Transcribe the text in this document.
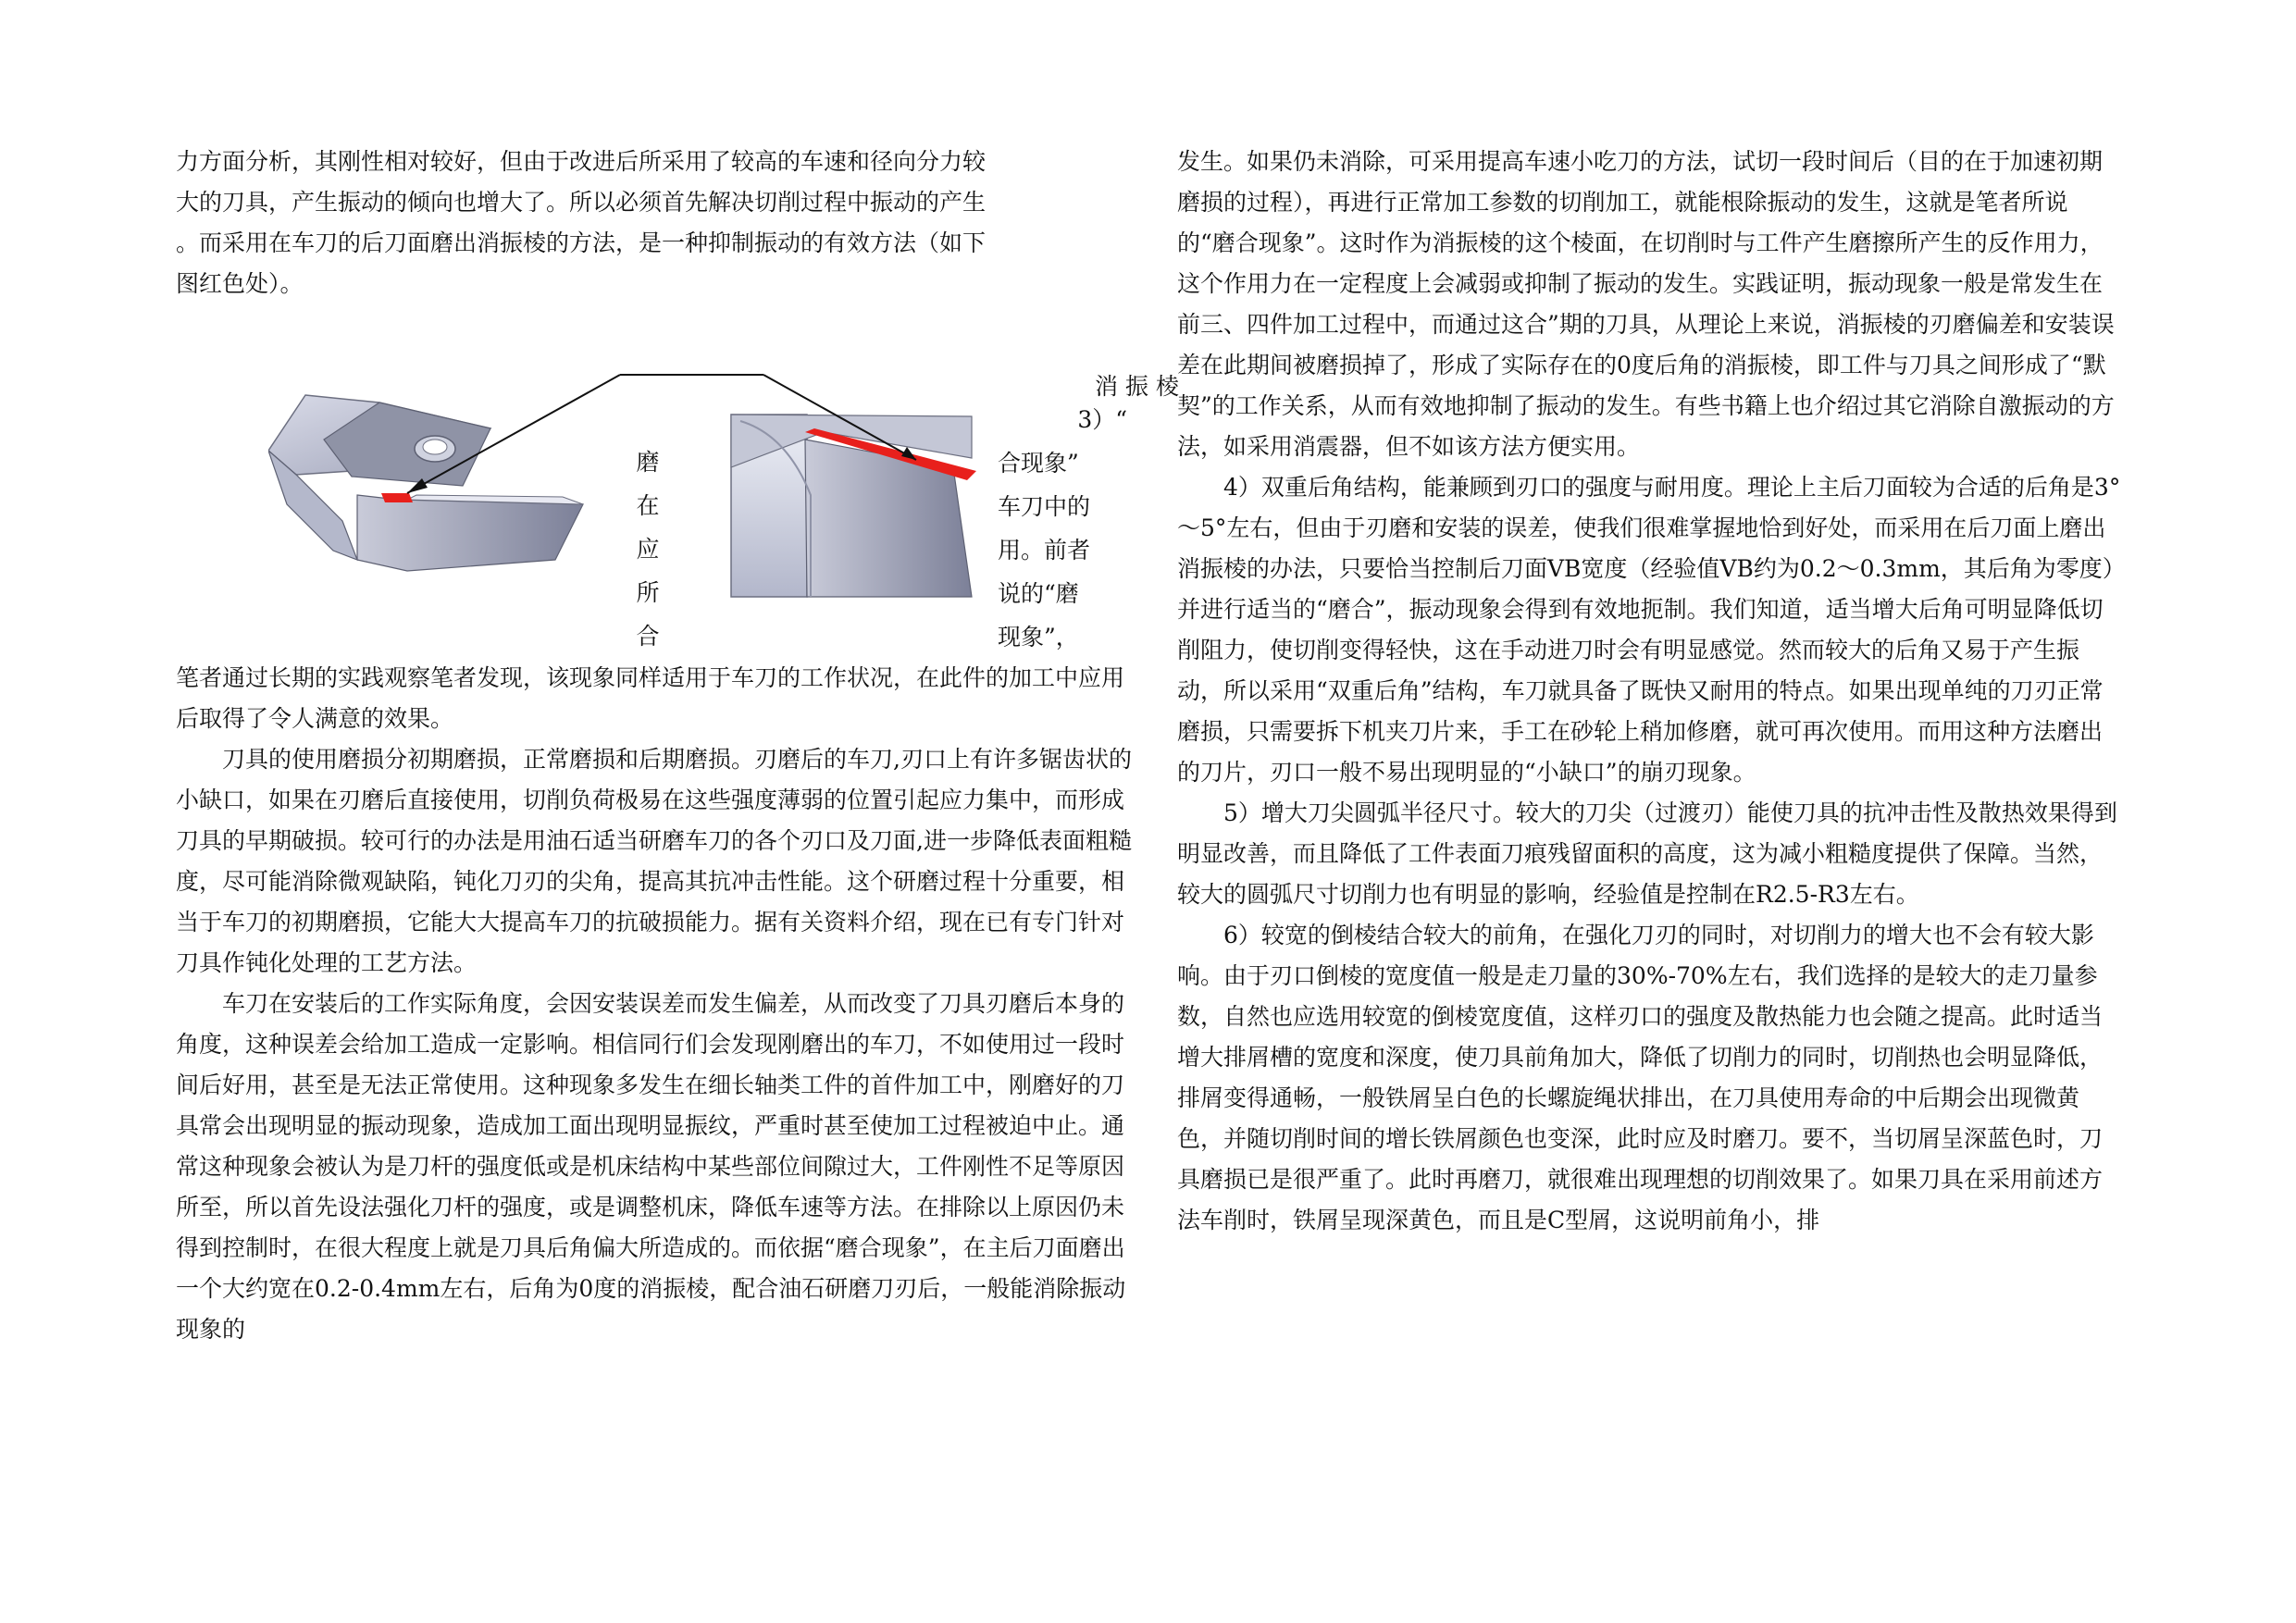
力方面分析，其刚性相对较好，但由于改进后所采用了较高的车速和径向分力较

大的刀具，产生振动的倾向也增大了。所以必须首先解决切削过程中振动的产生

。而采用在车刀的后刀面磨出消振棱的方法，是一种抑制振动的有效方法（如下

图红色处）。

消振棱
磨
在
应
所
合
3）“
合现象”
车刀中的
用。前者
说的“磨
现象”，

笔者通过长期的实践观察笔者发现，该现象同样适用于车刀的工作状况，在此件的加工中应用后取得了令人满意的效果。

刀具的使用磨损分初期磨损，正常磨损和后期磨损。刃磨后的车刀,刃口上有许多锯齿状的小缺口，如果在刃磨后直接使用，切削负荷极易在这些强度薄弱的位置引起应力集中，而形成刀具的早期破损。较可行的办法是用油石适当研磨车刀的各个刃口及刀面,进一步降低表面粗糙度，尽可能消除微观缺陷，钝化刀刃的尖角，提高其抗冲击性能。这个研磨过程十分重要，相当于车刀的初期磨损，它能大大提高车刀的抗破损能力。据有关资料介绍，现在已有专门针对刀具作钝化处理的工艺方法。

车刀在安装后的工作实际角度，会因安装误差而发生偏差，从而改变了刀具刃磨后本身的角度，这种误差会给加工造成一定影响。相信同行们会发现刚磨出的车刀，不如使用过一段时间后好用，甚至是无法正常使用。这种现象多发生在细长轴类工件的首件加工中，刚磨好的刀具常会出现明显的振动现象，造成加工面出现明显振纹，严重时甚至使加工过程被迫中止。通常这种现象会被认为是刀杆的强度低或是机床结构中某些部位间隙过大，工件刚性不足等原因所至，所以首先设法强化刀杆的强度，或是调整机床，降低车速等方法。在排除以上原因仍未得到控制时，在很大程度上就是刀具后角偏大所造成的。而依据“磨合现象”，在主后刀面磨出一个大约宽在0.2-0.4mm左右，后角为0度的消振棱，配合油石研磨刀刃后，一般能消除振动现象的

发生。如果仍未消除，可采用提高车速小吃刀的方法，试切一段时间后（目的在于加速初期磨损的过程），再进行正常加工参数的切削加工，就能根除振动的发生，这就是笔者所说的“磨合现象”。这时作为消振棱的这个棱面，在切削时与工件产生磨擦所产生的反作用力，这个作用力在一定程度上会减弱或抑制了振动的发生。实践证明，振动现象一般是常发生在前三、四件加工过程中，而通过这合”期的刀具，从理论上来说，消振棱的刃磨偏差和安装误差在此期间被磨损掉了，形成了实际存在的0度后角的消振棱，即工件与刀具之间形成了“默契”的工作关系，从而有效地抑制了振动的发生。有些书籍上也介绍过其它消除自激振动的方法，如采用消震器，但不如该方法方便实用。

4）双重后角结构，能兼顾到刃口的强度与耐用度。理论上主后刀面较为合适的后角是3°～5°左右，但由于刃磨和安装的误差，使我们很难掌握地恰到好处，而采用在后刀面上磨出消振棱的办法，只要恰当控制后刀面VB宽度（经验值VB约为0.2～0.3mm，其后角为零度）并进行适当的“磨合”，振动现象会得到有效地扼制。我们知道，适当增大后角可明显降低切削阻力，使切削变得轻快，这在手动进刀时会有明显感觉。然而较大的后角又易于产生振动，所以采用“双重后角”结构，车刀就具备了既快又耐用的特点。如果出现单纯的刀刃正常磨损，只需要拆下机夹刀片来，手工在砂轮上稍加修磨，就可再次使用。而用这种方法磨出的刀片，刃口一般不易出现明显的“小缺口”的崩刃现象。

5）增大刀尖圆弧半径尺寸。较大的刀尖（过渡刃）能使刀具的抗冲击性及散热效果得到明显改善，而且降低了工件表面刀痕残留面积的高度，这为减小粗糙度提供了保障。当然，较大的圆弧尺寸切削力也有明显的影响，经验值是控制在R2.5-R3左右。

6）较宽的倒棱结合较大的前角，在强化刀刃的同时，对切削力的增大也不会有较大影响。由于刃口倒棱的宽度值一般是走刀量的30%-70%左右，我们选择的是较大的走刀量参数，自然也应选用较宽的倒棱宽度值，这样刃口的强度及散热能力也会随之提高。此时适当增大排屑槽的宽度和深度，使刀具前角加大，降低了切削力的同时，切削热也会明显降低，排屑变得通畅，一般铁屑呈白色的长螺旋绳状排出，在刀具使用寿命的中后期会出现微黄色，并随切削时间的增长铁屑颜色也变深，此时应及时磨刀。要不，当切屑呈深蓝色时，刀具磨损已是很严重了。此时再磨刀，就很难出现理想的切削效果了。如果刀具在采用前述方法车削时，铁屑呈现深黄色，而且是C型屑，这说明前角小，排
